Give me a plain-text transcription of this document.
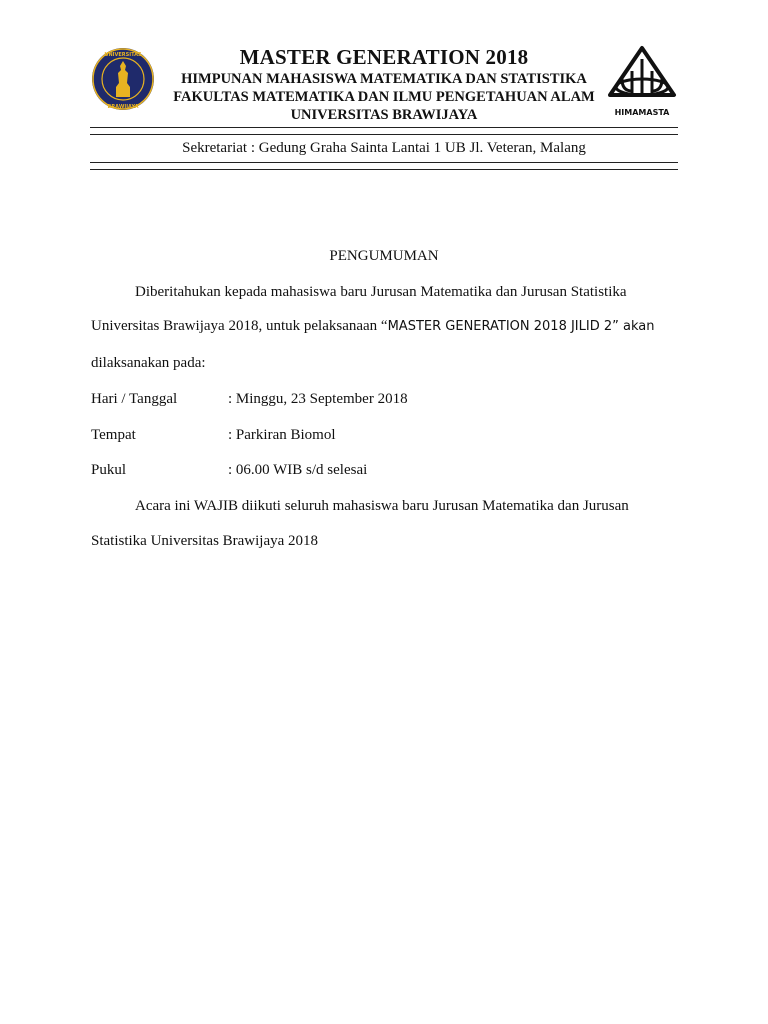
UNIVERSITAS
BRAWIJAYA
MASTER GENERATION 2018
HIMPUNAN MAHASISWA MATEMATIKA DAN STATISTIKA
FAKULTAS MATEMATIKA DAN ILMU PENGETAHUAN ALAM
UNIVERSITAS BRAWIJAYA	HIMAMASTA
Sekretariat : Gedung Graha Sainta Lantai 1 UB Jl. Veteran, Malang
PENGUMUMAN
Diberitahukan kepada mahasiswa baru Jurusan Matematika dan Jurusan Statistika
Universitas Brawijaya 2018, untuk pelaksanaan “MASTER GENERATION 2018 JILID 2” akan
dilaksanakan pada:
Hari / Tanggal	: Minggu, 23 September 2018
Tempat	: Parkiran Biomol
Pukul	: 06.00 WIB s/d selesai
Acara ini WAJIB diikuti seluruh mahasiswa baru Jurusan Matematika dan Jurusan
Statistika Universitas Brawijaya 2018
